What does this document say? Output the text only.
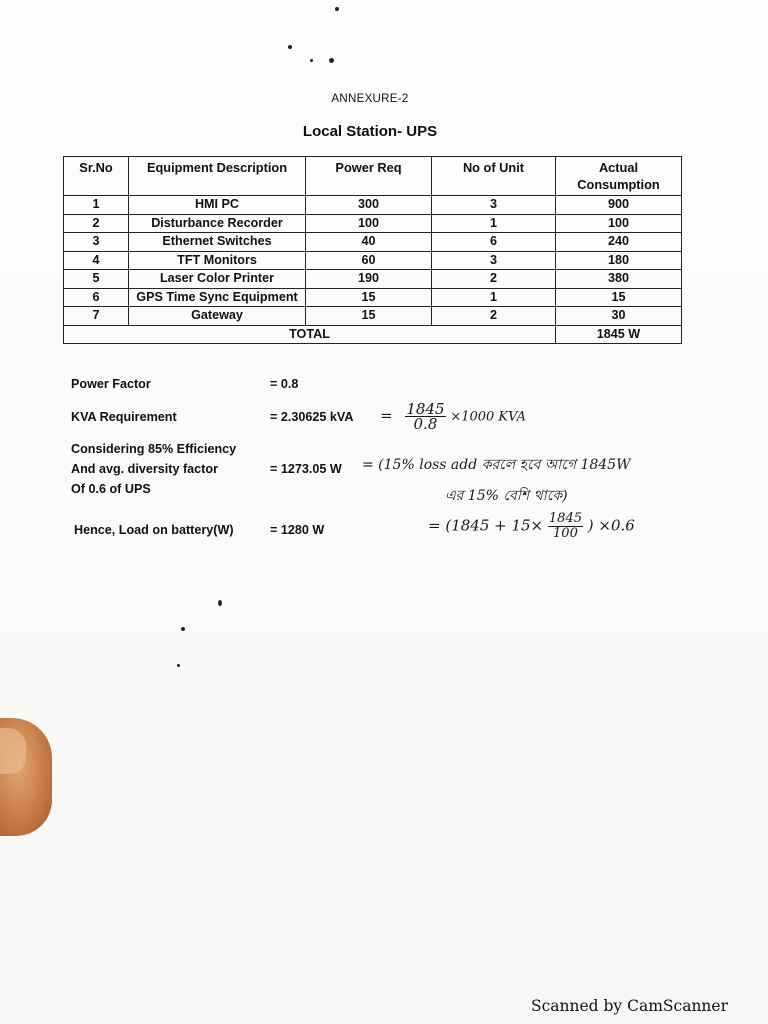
ANNEXURE-2
Local Station- UPS
Sr.No	Equipment Description	Power Req	No of Unit	Actual Consumption
1	HMI PC	300	3	900
2	Disturbance Recorder	100	1	100
3	Ethernet Switches	40	6	240
4	TFT Monitors	60	3	180
5	Laser Color Printer	190	2	380
6	GPS Time Sync Equipment	15	1	15
7	Gateway	15	2	30
TOTAL				1845 W
Power Factor	= 0.8
KVA Requirement	= 2.30625 kVA
Considering 85% Efficiency
And avg. diversity factor
Of 0.6 of UPS
= 1273.05 W
Hence, Load on battery(W)	= 1280 W
= $\frac{1845}{0.8} \times 1000$ KVA
= (15% loss add করলে হবে আগে 1845W
এর 15% বেশি থাকে)
= ($1845 + 15\times \frac{1845}{100}$ ) ×0.6
Scanned by CamScanner
